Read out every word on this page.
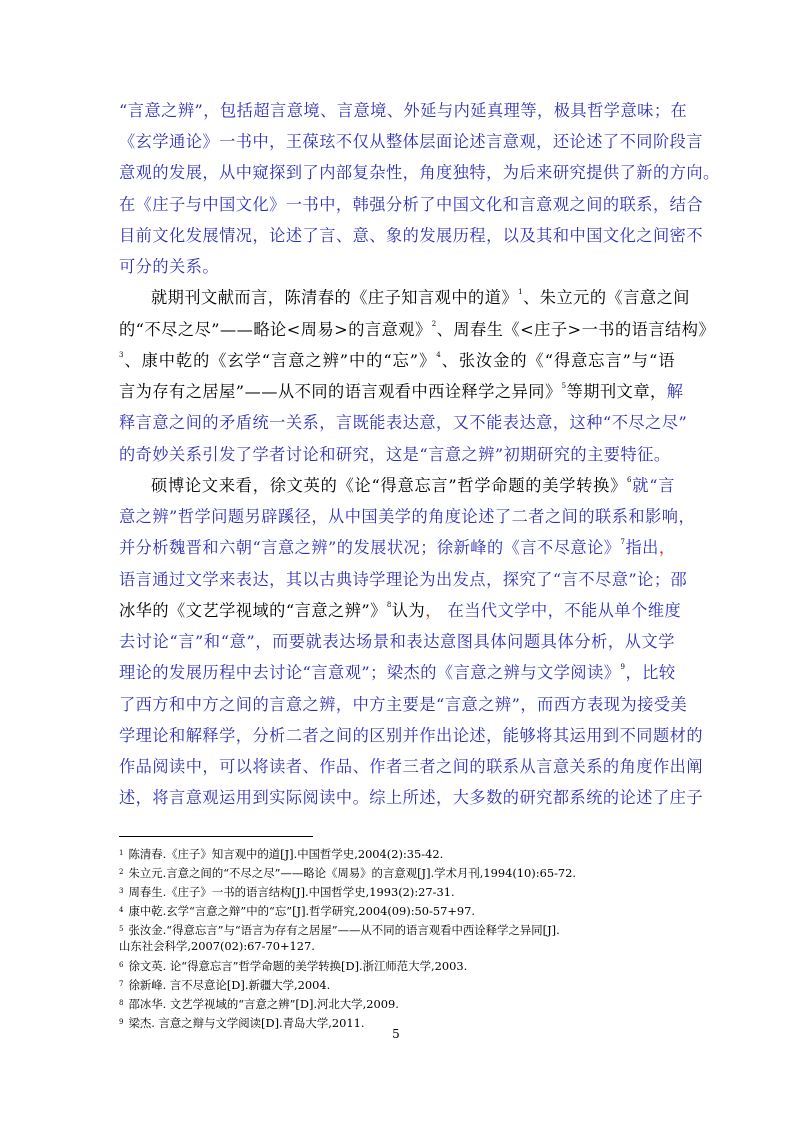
“言意之辨”，包括超言意境、言意境、外延与内延真理等，极具哲学意味；在
《玄学通论》一书中，王葆玹不仅从整体层面论述言意观，还论述了不同阶段言
意观的发展，从中窥探到了内部复杂性，角度独特，为后来研究提供了新的方向。
在《庄子与中国文化》一书中，韩强分析了中国文化和言意观之间的联系，结合
目前文化发展情况，论述了言、意、象的发展历程，以及其和中国文化之间密不
可分的关系。
就期刊文献而言，陈清春的《庄子知言观中的道》$^1$、朱立元的《言意之间
的“不尽之尽”——略论<周易>的言意观》$^2$、周春生《<庄子>一书的语言结构》
$^3$、康中乾的《玄学“言意之辨”中的“忘”》$^4$、张汝金的《“得意忘言”与“语
言为存有之居屋”——从不同的语言观看中西诠释学之异同》$^5$等期刊文章，解
释言意之间的矛盾统一关系，言既能表达意，又不能表达意，这种“不尽之尽”
的奇妙关系引发了学者讨论和研究，这是“言意之辨”初期研究的主要特征。
硕博论文来看，徐文英的《论“得意忘言”哲学命题的美学转换》$^6$就“言
意之辨”哲学问题另辟蹊径，从中国美学的角度论述了二者之间的联系和影响，
并分析魏晋和六朝“言意之辨”的发展状况；徐新峰的《言不尽意论》$^7$指出，
语言通过文学来表达，其以古典诗学理论为出发点，探究了“言不尽意”论；邵
冰华的《文艺学视域的“言意之辨”》$^8$认为， 在当代文学中，不能从单个维度
去讨论“言”和“意”，而要就表达场景和表达意图具体问题具体分析，从文学
理论的发展历程中去讨论“言意观”；梁杰的《言意之辨与文学阅读》$^9$，比较
了西方和中方之间的言意之辨，中方主要是“言意之辨”，而西方表现为接受美
学理论和解释学，分析二者之间的区别并作出论述，能够将其运用到不同题材的
作品阅读中，可以将读者、作品、作者三者之间的联系从言意关系的角度作出阐
述，将言意观运用到实际阅读中。综上所述，大多数的研究都系统的论述了庄子
$^1$ 陈清春.《庄子》知言观中的道[J].中国哲学史,2004(2):35-42.
$^2$ 朱立元.言意之间的“不尽之尽”——略论《周易》的言意观[J].学术月刊,1994(10):65-72.
$^3$ 周春生.《庄子》一书的语言结构[J].中国哲学史,1993(2):27-31.
$^4$ 康中乾.玄学“言意之辩”中的“忘”[J].哲学研究,2004(09):50-57+97.
$^5$ 张汝金.“得意忘言”与“语言为存有之居屋”——从不同的语言观看中西诠释学之异同[J].
山东社会科学,2007(02):67-70+127.
$^6$ 徐文英. 论“得意忘言”哲学命题的美学转换[D].浙江师范大学,2003.
$^7$ 徐新峰. 言不尽意论[D].新疆大学,2004.
$^8$ 邵冰华. 文艺学视域的“言意之辨”[D].河北大学,2009.
$^9$ 梁杰. 言意之辩与文学阅读[D].青岛大学,2011.
5
